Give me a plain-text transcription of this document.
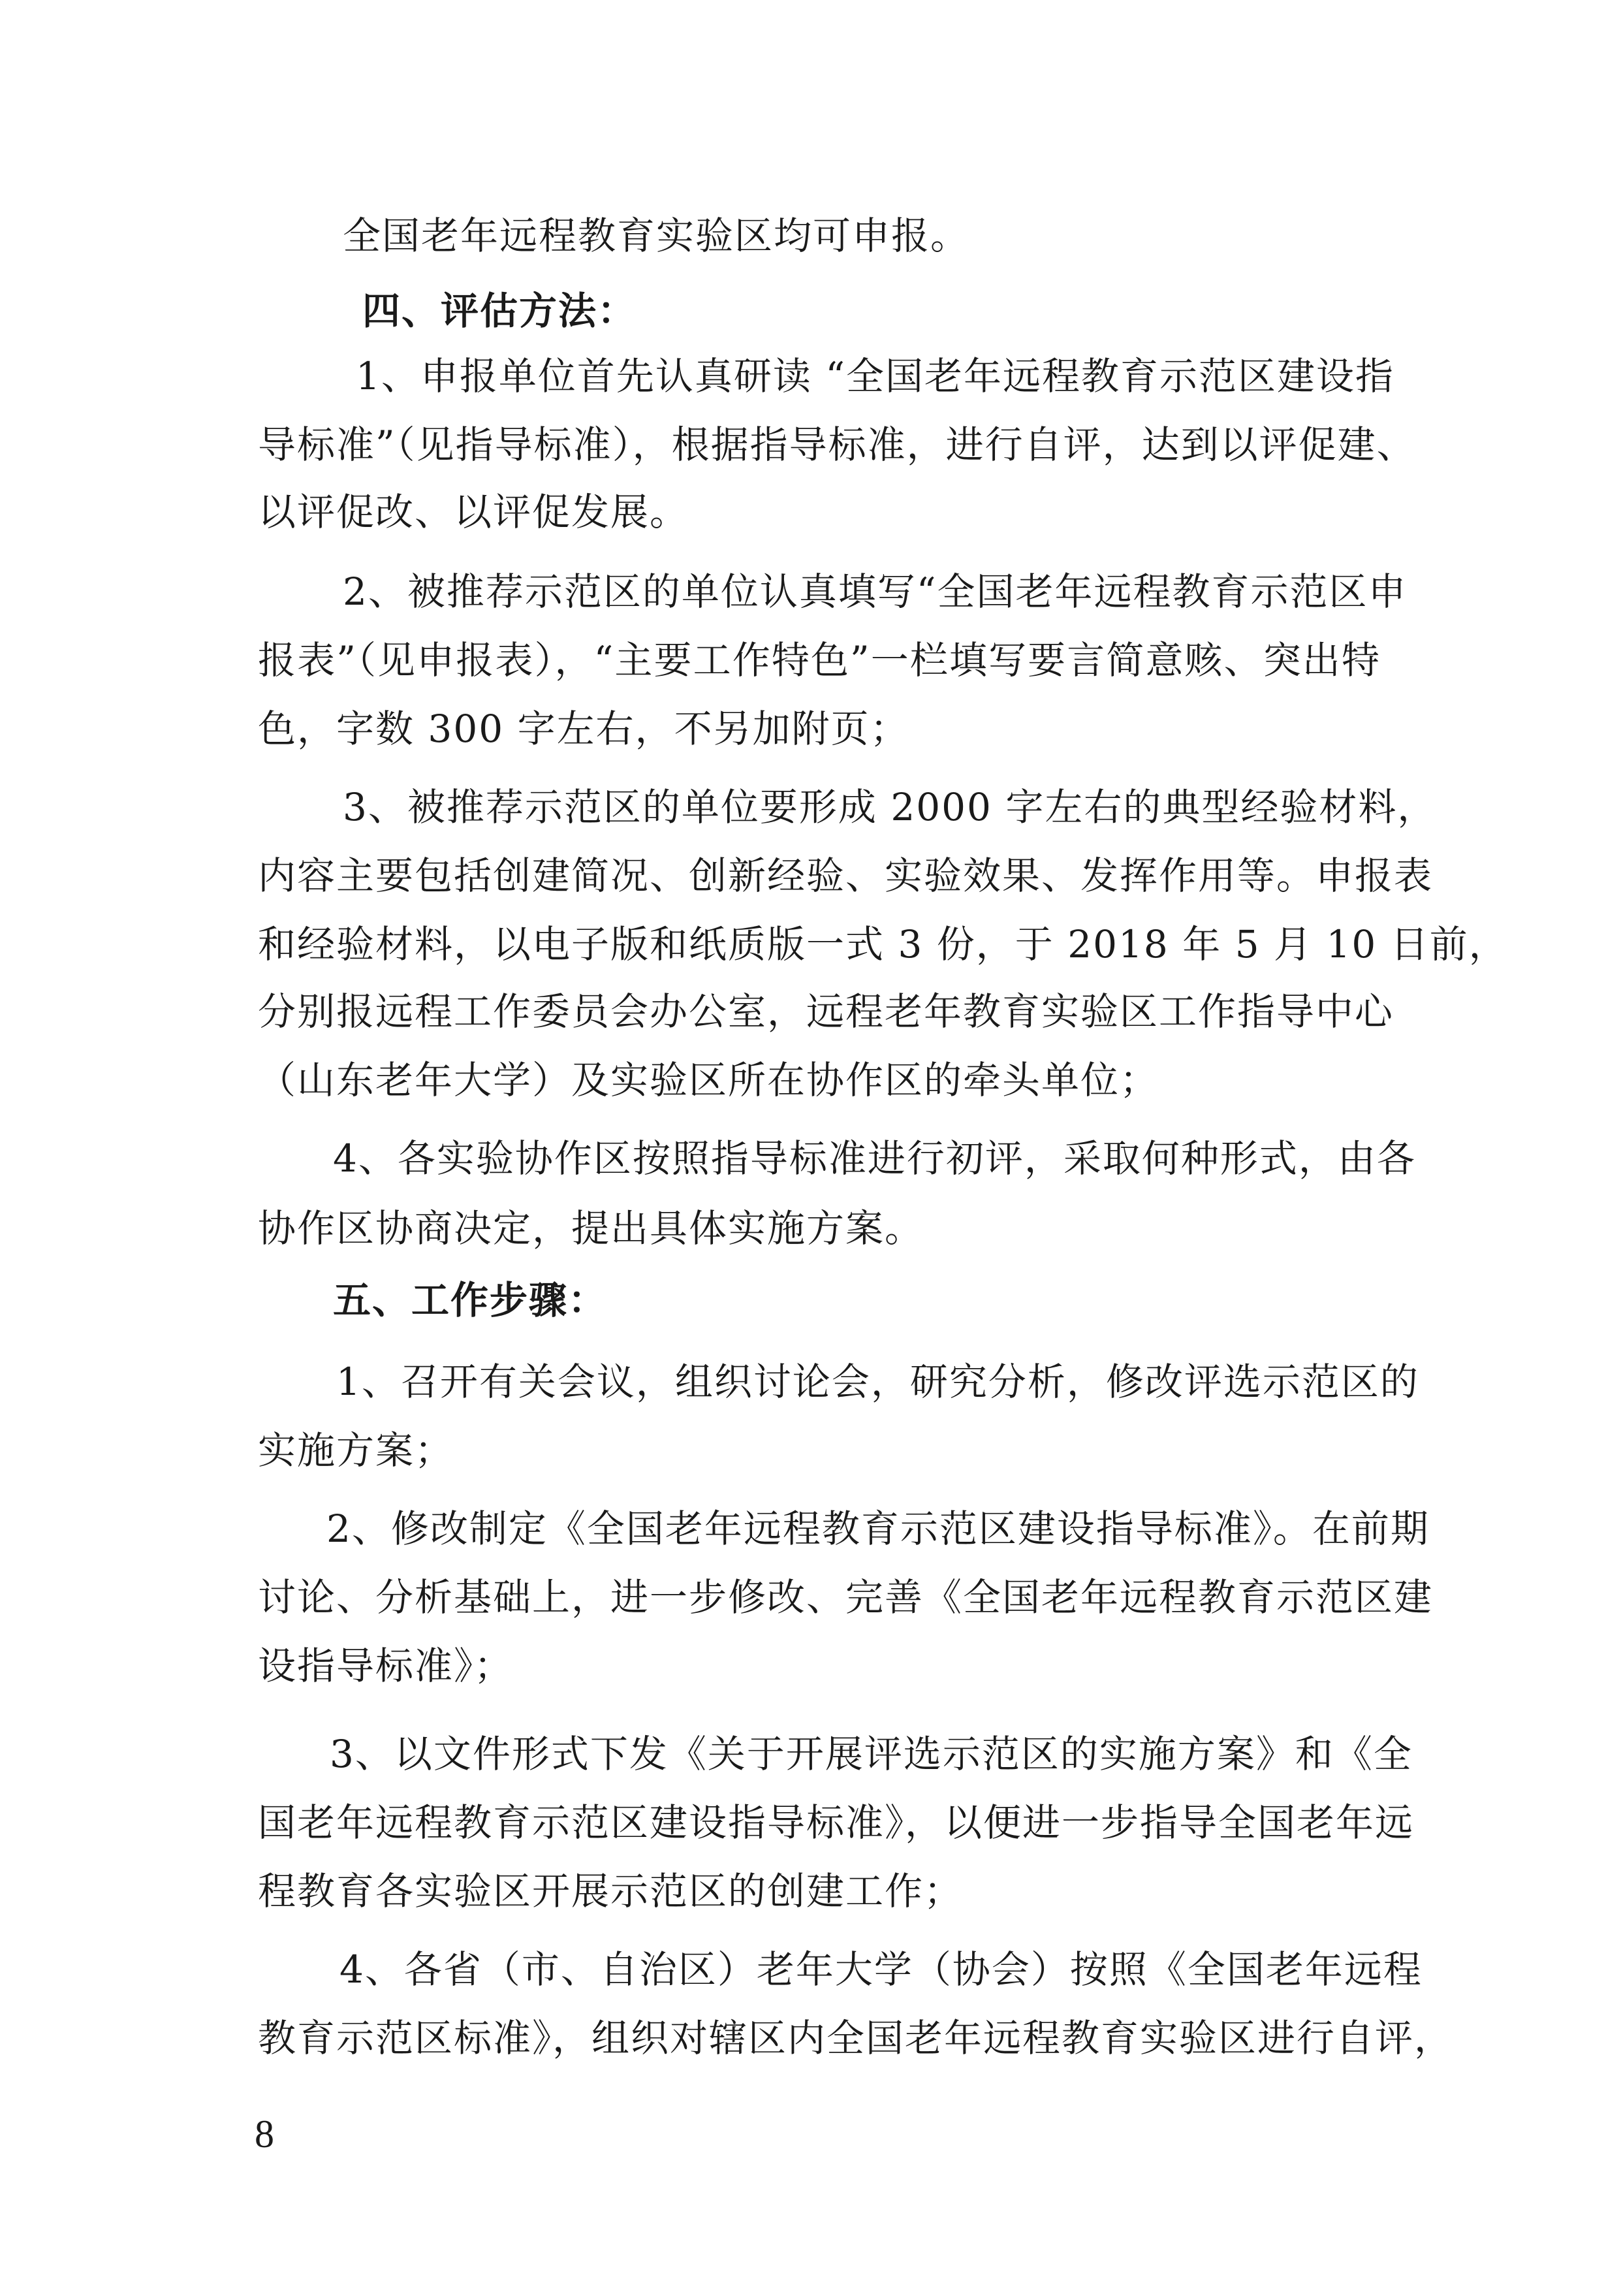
全国老年远程教育实验区均可申报。
四、评估方法：
1、申报单位首先认真研读 “全国老年远程教育示范区建设指
导标准”（见指导标准），根据指导标准，进行自评，达到以评促建、
以评促改、以评促发展。
2、被推荐示范区的单位认真填写“全国老年远程教育示范区申
报表”（见申报表），“主要工作特色”一栏填写要言简意赅、突出特
色，字数 300 字左右，不另加附页；
3、被推荐示范区的单位要形成 2000 字左右的典型经验材料，
内容主要包括创建简况、创新经验、实验效果、发挥作用等。申报表
和经验材料，以电子版和纸质版一式 3 份，于 2018 年 5 月 10 日前，
分别报远程工作委员会办公室，远程老年教育实验区工作指导中心
（山东老年大学）及实验区所在协作区的牵头单位；
4、各实验协作区按照指导标准进行初评，采取何种形式，由各
协作区协商决定，提出具体实施方案。
五、工作步骤：
1、召开有关会议，组织讨论会，研究分析，修改评选示范区的
实施方案；
2、修改制定《全国老年远程教育示范区建设指导标准》。在前期
讨论、分析基础上，进一步修改、完善《全国老年远程教育示范区建
设指导标准》；
3、以文件形式下发《关于开展评选示范区的实施方案》和《全
国老年远程教育示范区建设指导标准》，以便进一步指导全国老年远
程教育各实验区开展示范区的创建工作；
4、各省（市、自治区）老年大学（协会）按照《全国老年远程
教育示范区标准》，组织对辖区内全国老年远程教育实验区进行自评，
8
